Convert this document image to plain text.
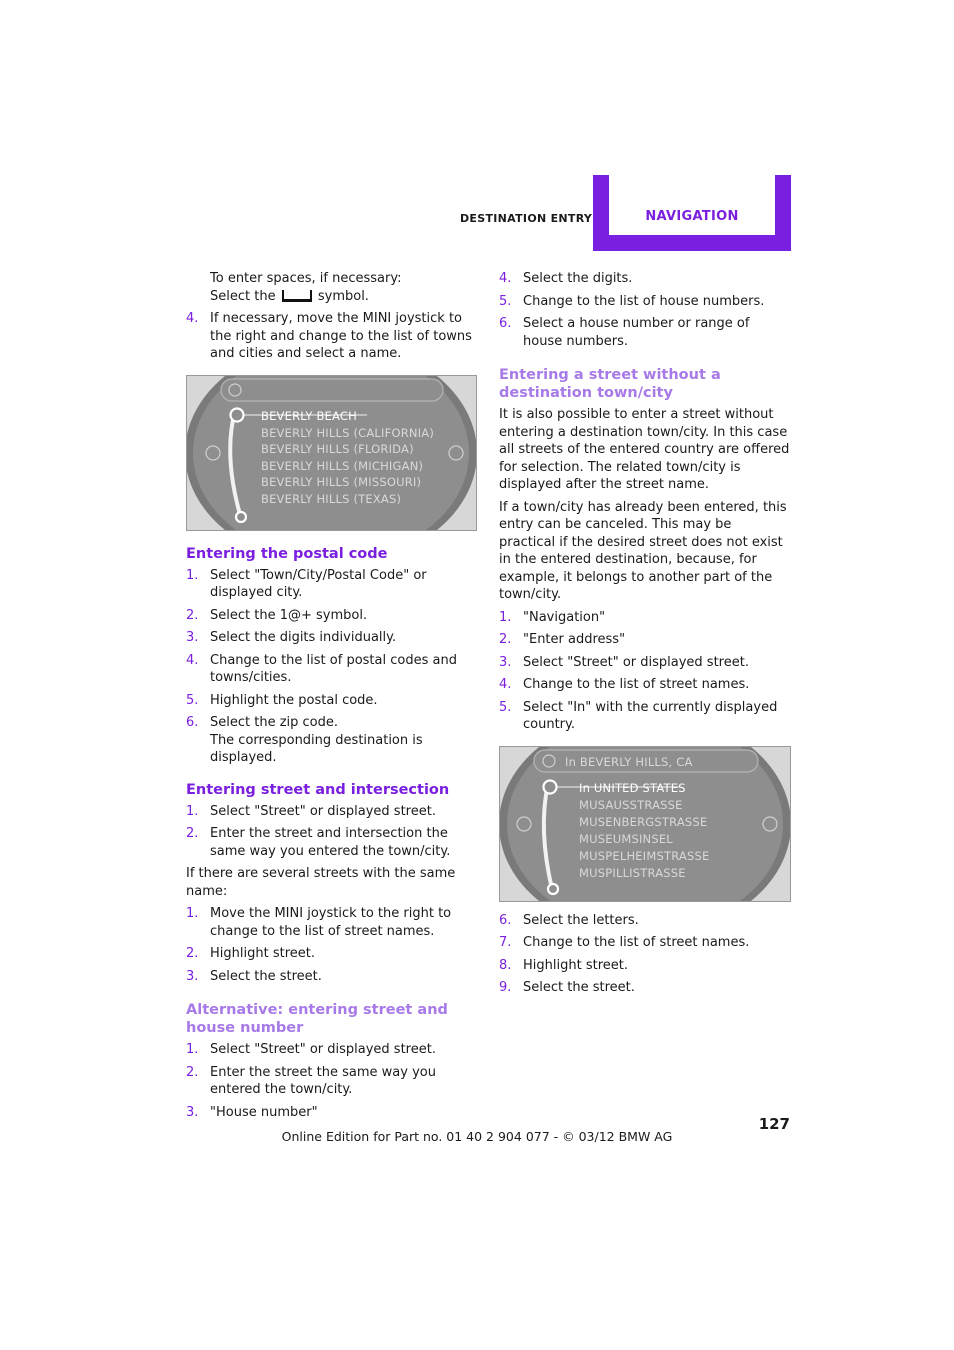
DESTINATION ENTRY	NAVIGATION
To enter spaces, if necessary:
Select the	symbol.
4. If necessary, move the MINI joystick to the right and change to the list of towns and cities and select a name.
BEVERLY BEACH
BEVERLY HILLS (CALIFORNIA)
BEVERLY HILLS (FLORIDA)
BEVERLY HILLS (MICHIGAN)
BEVERLY HILLS (MISSOURI)
BEVERLY HILLS (TEXAS)
Entering the postal code
1. Select "Town/City/Postal Code" or displayed city.
2. Select the 1@+ symbol.
3. Select the digits individually.
4. Change to the list of postal codes and towns/cities.
5. Highlight the postal code.
6. Select the zip code.
The corresponding destination is displayed.
Entering street and intersection
1. Select "Street" or displayed street.
2. Enter the street and intersection the same way you entered the town/city.

If there are several streets with the same name:

1. Move the MINI joystick to the right to change to the list of street names.
2. Highlight street.
3. Select the street.
Alternative: entering street and house number
1. Select "Street" or displayed street.
2. Enter the street the same way you entered the town/city.
3. "House number"
4. Select the digits.
5. Change to the list of house numbers.
6. Select a house number or range of house numbers.
Entering a street without a destination town/city

It is also possible to enter a street without entering a destination town/city. In this case all streets of the entered country are offered for selection. The related town/city is displayed after the street name.

If a town/city has already been entered, this entry can be canceled. This may be practical if the desired street does not exist in the entered destination, because, for example, it belongs to another part of the town/city.

1. "Navigation"
2. "Enter address"
3. Select "Street" or displayed street.
4. Change to the list of street names.
5. Select "In" with the currently displayed country.
In BEVERLY HILLS, CA
In UNITED STATES
MUSAUSSTRASSE
MUSENBERGSTRASSE
MUSEUMSINSEL
MUSPELHEIMSTRASSE
MUSPILLISTRASSE
6. Select the letters.
7. Change to the list of street names.
8. Highlight street.
9. Select the street.
127
Online Edition for Part no. 01 40 2 904 077 - © 03/12 BMW AG
